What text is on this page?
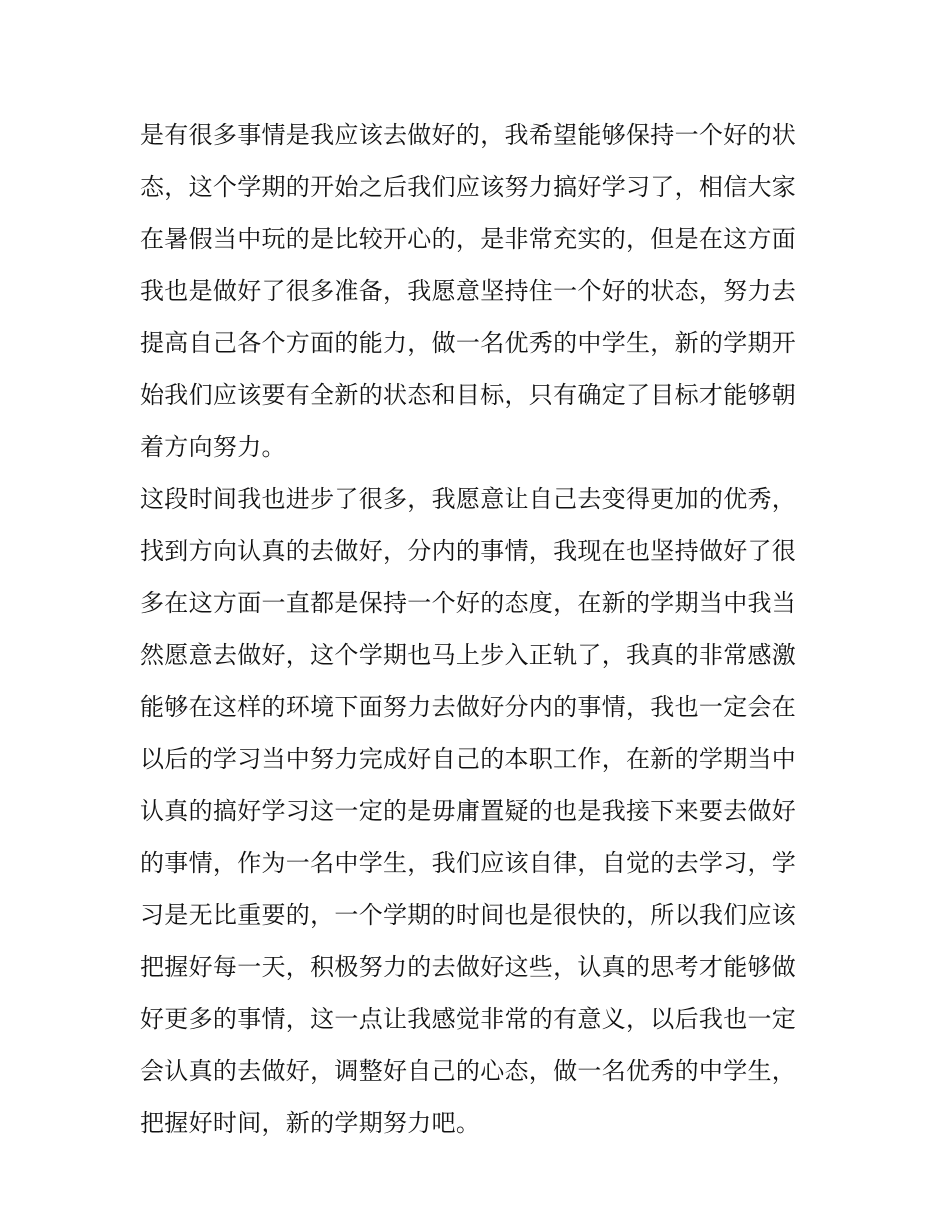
是有很多事情是我应该去做好的，我希望能够保持一个好的状
态，这个学期的开始之后我们应该努力搞好学习了，相信大家
在暑假当中玩的是比较开心的，是非常充实的，但是在这方面
我也是做好了很多准备，我愿意坚持住一个好的状态，努力去
提高自己各个方面的能力，做一名优秀的中学生，新的学期开
始我们应该要有全新的状态和目标，只有确定了目标才能够朝
着方向努力。
这段时间我也进步了很多，我愿意让自己去变得更加的优秀，
找到方向认真的去做好，分内的事情，我现在也坚持做好了很
多在这方面一直都是保持一个好的态度，在新的学期当中我当
然愿意去做好，这个学期也马上步入正轨了，我真的非常感激
能够在这样的环境下面努力去做好分内的事情，我也一定会在
以后的学习当中努力完成好自己的本职工作，在新的学期当中
认真的搞好学习这一定的是毋庸置疑的也是我接下来要去做好
的事情，作为一名中学生，我们应该自律，自觉的去学习，学
习是无比重要的，一个学期的时间也是很快的，所以我们应该
把握好每一天，积极努力的去做好这些，认真的思考才能够做
好更多的事情，这一点让我感觉非常的有意义，以后我也一定
会认真的去做好，调整好自己的心态，做一名优秀的中学生，
把握好时间，新的学期努力吧。
